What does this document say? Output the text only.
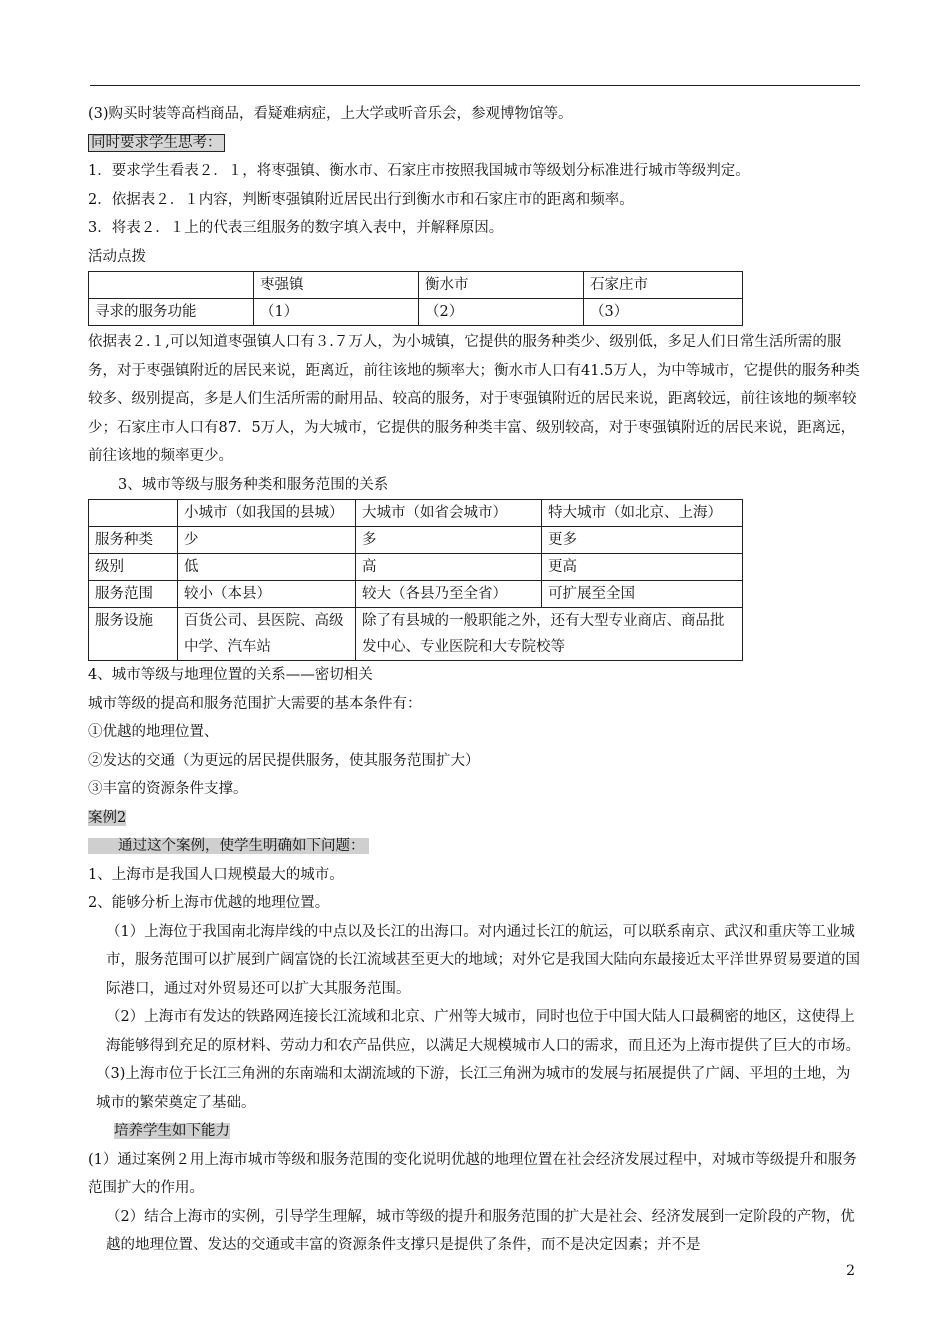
(3)购买时装等高档商品，看疑难病症，上大学或听音乐会，参观博物馆等。

同时要求学生思考：

1．要求学生看表２．１，将枣强镇、衡水市、石家庄市按照我国城市等级划分标准进行城市等级判定。

2．依据表２．１内容，判断枣强镇附近居民出行到衡水市和石家庄市的距离和频率。

3．将表２．１上的代表三组服务的数字填入表中，并解释原因。

活动点拨

	枣强镇	衡水市	石家庄市
寻求的服务功能	（1）	（2）	（3）

依据表２.１,可以知道枣强镇人口有３.７万人，为小城镇，它提供的服务种类少、级别低，多足人们日常生活所需的服务，对于枣强镇附近的居民来说，距离近，前往该地的频率大；衡水市人口有41.5万人，为中等城市，它提供的服务种类较多、级别提高，多是人们生活所需的耐用品、较高的服务，对于枣强镇附近的居民来说，距离较远，前往该地的频率较少；石家庄市人口有87．5万人，为大城市，它提供的服务种类丰富、级别较高，对于枣强镇附近的居民来说，距离远，前往该地的频率更少。

3、城市等级与服务种类和服务范围的关系

	小城市（如我国的县城）	大城市（如省会城市）	特大城市（如北京、上海）
服务种类	少	多	更多
级别	低	高	更高
服务范围	较小（本县）	较大（各县乃至全省）	可扩展至全国
服务设施	百货公司、县医院、高级中学、汽车站	除了有县城的一般职能之外，还有大型专业商店、商品批发中心、专业医院和大专院校等	

4、城市等级与地理位置的关系——密切相关

城市等级的提高和服务范围扩大需要的基本条件有：

①优越的地理位置、

②发达的交通（为更远的居民提供服务，使其服务范围扩大）

③丰富的资源条件支撑。

案例2

通过这个案例，使学生明确如下问题：

1、上海市是我国人口规模最大的城市。

2、能够分析上海市优越的地理位置。

（1）上海位于我国南北海岸线的中点以及长江的出海口。对内通过长江的航运，可以联系南京、武汉和重庆等工业城市，服务范围可以扩展到广阔富饶的长江流域甚至更大的地域；对外它是我国大陆向东最接近太平洋世界贸易要道的国际港口，通过对外贸易还可以扩大其服务范围。

（2）上海市有发达的铁路网连接长江流域和北京、广州等大城市，同时也位于中国大陆人口最稠密的地区，这使得上海能够得到充足的原材料、劳动力和农产品供应，以满足大规模城市人口的需求，而且还为上海市提供了巨大的市场。

（3)上海市位于长江三角洲的东南端和太湖流域的下游，长江三角洲为城市的发展与拓展提供了广阔、平坦的土地，为城市的繁荣奠定了基础。

培养学生如下能力

(1）通过案例２用上海市城市等级和服务范围的变化说明优越的地理位置在社会经济发展过程中，对城市等级提升和服务范围扩大的作用。

（2）结合上海市的实例，引导学生理解，城市等级的提升和服务范围的扩大是社会、经济发展到一定阶段的产物，优越的地理位置、发达的交通或丰富的资源条件支撑只是提供了条件，而不是决定因素；并不是

2
